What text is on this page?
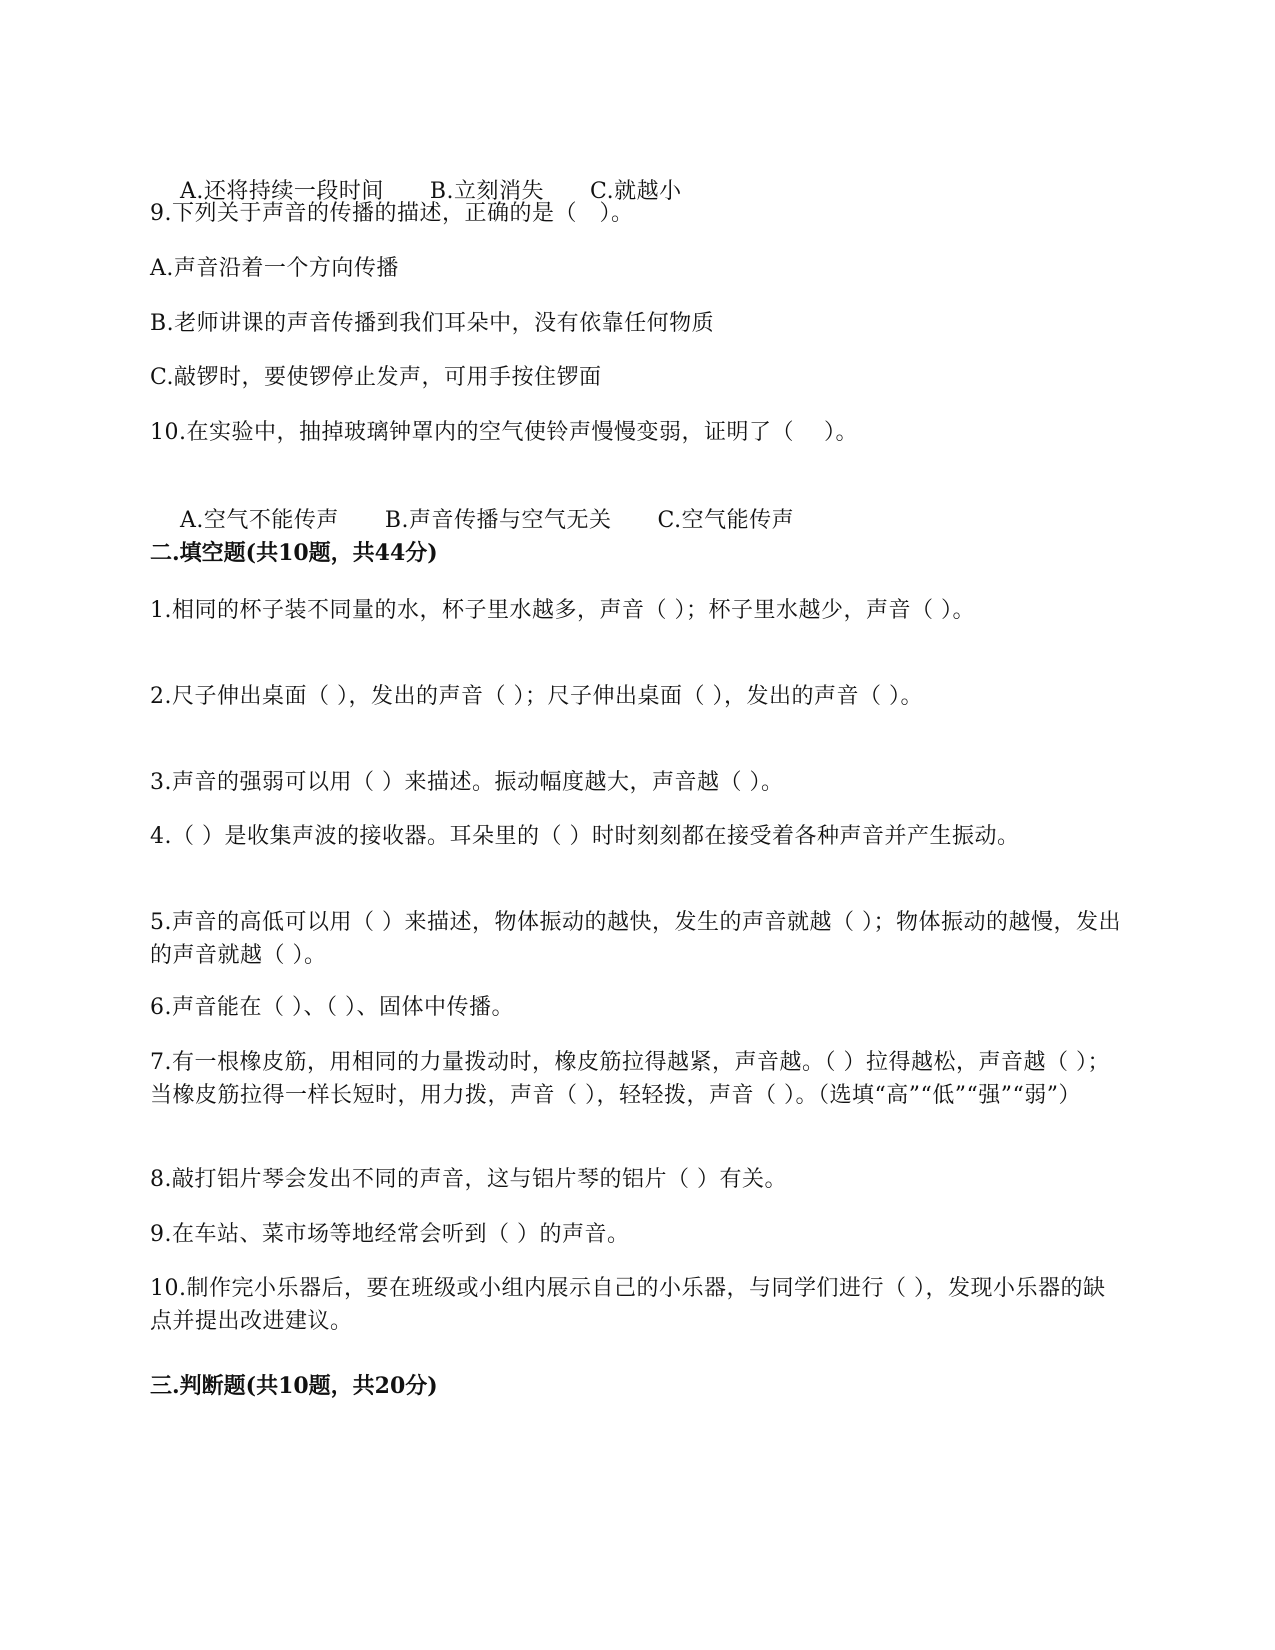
A.还将持续一段时间 B.立刻消失 C.就越小

9.下列关于声音的传播的描述，正确的是（   ）。
A.声音沿着一个方向传播
B.老师讲课的声音传播到我们耳朵中，没有依靠任何物质
C.敲锣时，要使锣停止发声，可用手按住锣面
10.在实验中，抽掉玻璃钟罩内的空气使铃声慢慢变弱，证明了（    ）。

A.空气不能传声 B.声音传播与空气无关 C.空气能传声

二.填空题(共10题，共44分)
1.相同的杯子装不同量的水，杯子里水越多，声音（ ）；杯子里水越少，声音（ ）。
2.尺子伸出桌面（ ），发出的声音（ ）；尺子伸出桌面（ ），发出的声音（ ）。
3.声音的强弱可以用（ ）来描述。振动幅度越大，声音越（ ）。
4.（ ）是收集声波的接收器。耳朵里的（ ）时时刻刻都在接受着各种声音并产生振动。
5.声音的高低可以用（ ）来描述，物体振动的越快，发生的声音就越（ ）；物体振动的越慢，发出的声音就越（ ）。
6.声音能在（ ）、（ ）、固体中传播。
7.有一根橡皮筋，用相同的力量拨动时，橡皮筋拉得越紧，声音越。（ ）拉得越松，声音越（ ）；当橡皮筋拉得一样长短时，用力拨，声音（ ），轻轻拨，声音（ ）。（选填“高”“低”“强”“弱”）
8.敲打铝片琴会发出不同的声音，这与铝片琴的铝片（ ）有关。
9.在车站、菜市场等地经常会听到（ ）的声音。
10.制作完小乐器后，要在班级或小组内展示自己的小乐器，与同学们进行（ ），发现小乐器的缺点并提出改进建议。
三.判断题(共10题，共20分)
